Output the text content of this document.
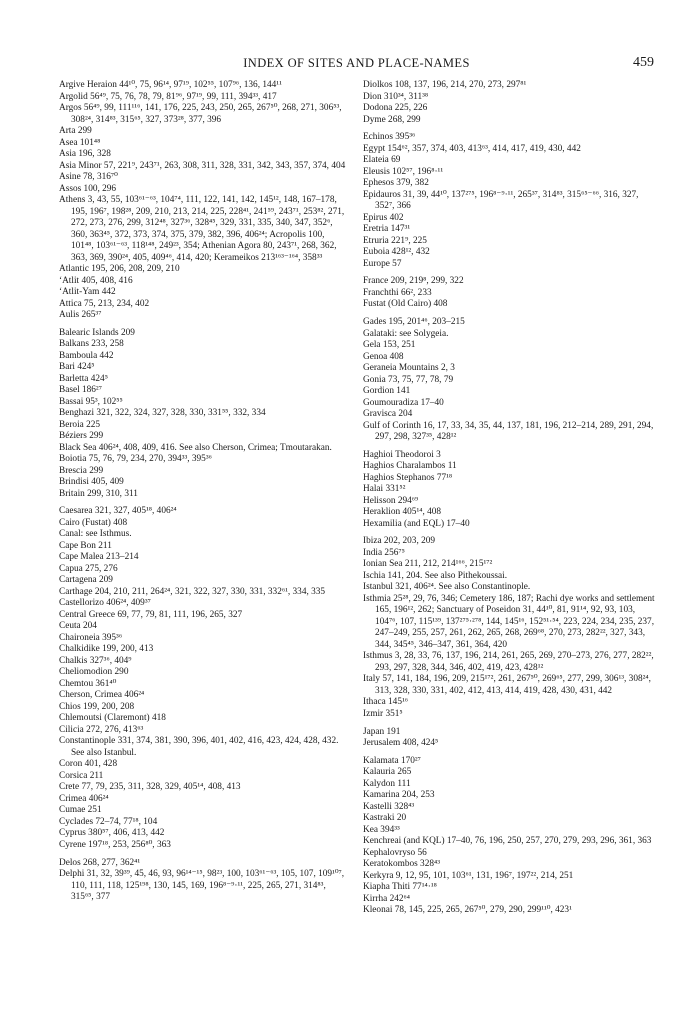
INDEX OF SITES AND PLACE-NAMES	459

Argive Heraion 44¹⁰, 75, 96¹⁴, 97¹⁹, 102⁵⁵, 107⁹⁶, 136, 144¹¹

Argolid 56⁴⁹, 75, 76, 78, 79, 81⁹⁶, 97¹⁹, 99, 111, 394³³, 417

Argos 56⁴⁹, 99, 111¹¹⁶, 141, 176, 225, 243, 250, 265, 267⁵⁰, 268, 271, 306⁵³, 308²⁴, 314⁸³, 315⁶⁵, 327, 373²⁸, 377, 396

Arta 299

Asea 101⁴⁸

Asia 196, 328

Asia Minor 57, 221⁹, 243⁷¹, 263, 308, 311, 328, 331, 342, 343, 357, 374, 404

Asine 78, 316⁷⁰

Assos 100, 296

Athens 3, 43, 55, 103⁶¹⁻⁶³, 104⁷⁴, 111, 122, 141, 142, 145¹², 148, 167–178, 195, 196⁷, 198²⁸, 209, 210, 213, 214, 225, 228⁴¹, 241⁵⁹, 243⁷¹, 253⁸², 271, 272, 273, 276, 299, 312⁴⁸, 327³⁶, 328⁴⁵, 329, 331, 335, 340, 347, 352⁶, 360, 363⁴⁵, 372, 373, 374, 375, 379, 382, 396, 406²⁴; Acropolis 100, 101⁴⁸, 103⁶¹⁻⁶³, 118¹⁴⁸, 249²³, 354; Athenian Agora 80, 243⁷¹, 268, 362, 363, 369, 390²⁴, 405, 409⁴⁶, 414, 420; Kerameikos 213¹⁶³⁻¹⁶⁴, 358³³

Atlantic 195, 206, 208, 209, 210

ʻAtlit 405, 408, 416

ʻAtlit-Yam 442

Attica 75, 213, 234, 402

Aulis 265³⁷

Balearic Islands 209

Balkans 233, 258

Bamboula 442

Bari 424⁵

Barletta 424⁵

Basel 186²⁷

Bassai 95³, 102⁵⁵

Benghazi 321, 322, 324, 327, 328, 330, 331⁵⁵, 332, 334

Beroia 225

Béziers 299

Black Sea 406²⁴, 408, 409, 416. See also Cherson, Crimea; Tmoutarakan.

Boiotia 75, 76, 79, 234, 270, 394³³, 395³⁶

Brescia 299

Brindisi 405, 409

Britain 299, 310, 311

Caesarea 321, 327, 405¹⁸, 406²⁴

Cairo (Fustat) 408

Canal: see Isthmus.

Cape Bon 211

Cape Malea 213–214

Capua 275, 276

Cartagena 209

Carthage 204, 210, 211, 264²⁴, 321, 322, 327, 330, 331, 332⁶¹, 334, 335

Castellorizo 406²⁴, 409³⁷

Central Greece 69, 77, 79, 81, 111, 196, 265, 327

Ceuta 204

Chaironeia 395³⁶

Chalkidike 199, 200, 413

Chalkis 327³⁶, 404⁹

Cheliomodion 290

Chemtou 361⁴⁰

Cherson, Crimea 406²⁴

Chios 199, 200, 208

Chlemoutsi (Claremont) 418

Cilicia 272, 276, 413⁶³

Constantinople 331, 374, 381, 390, 396, 401, 402, 416, 423, 424, 428, 432. See also Istanbul.

Coron 401, 428

Corsica 211

Crete 77, 79, 235, 311, 328, 329, 405¹⁴, 408, 413

Crimea 406²⁴

Cumae 251

Cyclades 72–74, 77¹⁸, 104

Cyprus 380⁵⁷, 406, 413, 442

Cyrene 197¹⁸, 253, 256⁸⁰, 363

Delos 268, 277, 362⁴¹

Delphi 31, 32, 39³⁹, 45, 46, 93, 96¹⁴⁻¹⁵, 98²³, 100, 103⁶¹⁻⁶³, 105, 107, 109¹⁰⁷, 110, 111, 118, 125¹⁹⁸, 130, 145, 169, 196⁸⁻⁹·¹¹, 225, 265, 271, 314⁸³, 315⁶⁵, 377

Diolkos 108, 137, 196, 214, 270, 273, 297⁸¹

Dion 310³⁴, 311³⁸

Dodona 225, 226

Dyme 268, 299

Echinos 395³⁶

Egypt 154⁶², 357, 374, 403, 413⁶³, 414, 417, 419, 430, 442

Elateia 69

Eleusis 102⁵⁷, 196⁸·¹¹

Ephesos 379, 382

Epidauros 31, 39, 44¹⁰, 137²⁷⁵, 196⁸⁻⁹·¹¹, 265³⁷, 314⁸³, 315⁶⁵⁻⁶⁶, 316, 327, 352⁷, 366

Epirus 402

Eretria 147³¹

Etruria 221⁹, 225

Euboia 428¹², 432

Europe 57

France 209, 219⁸, 299, 322

Franchthi 66², 233

Fustat (Old Cairo) 408

Gades 195, 201⁴⁶, 203–215

Galataki: see Solygeia.

Gela 153, 251

Genoa 408

Geraneia Mountains 2, 3

Gonia 73, 75, 77, 78, 79

Gordion 141

Goumouradiza 17–40

Gravisca 204

Gulf of Corinth 16, 17, 33, 34, 35, 44, 137, 181, 196, 212–214, 289, 291, 294, 297, 298, 327³⁵, 428¹²

Haghioi Theodoroi 3

Haghios Charalambos 11

Haghios Stephanos 77¹⁸

Halai 331⁵²

Helisson 294⁶⁹

Heraklion 405¹⁴, 408

Hexamilia (and EQL) 17–40

Ibiza 202, 203, 209

India 256⁷⁵

Ionian Sea 211, 212, 214¹⁶⁶, 215¹⁷²

Ischia 141, 204. See also Pithekoussai.

Istanbul 321, 406²⁴. See also Constantinople.

Isthmia 25²⁸, 29, 76, 346; Cemetery 186, 187; Rachi dye works and settlement 165, 196¹², 262; Sanctuary of Poseidon 31, 44¹⁰, 81, 91¹⁴, 92, 93, 103, 104⁷⁶, 107, 115¹³⁹, 137²⁷⁵·²⁷⁸, 144, 145¹⁶, 152⁵¹·⁵⁴, 223, 224, 234, 235, 237, 247–249, 255, 257, 261, 262, 265, 268, 269⁶⁸, 270, 273, 282²², 327, 343, 344, 345⁴⁵, 346–347, 361, 364, 420

Isthmus 3, 28, 33, 76, 137, 196, 214, 261, 265, 269, 270–273, 276, 277, 282²², 293, 297, 328, 344, 346, 402, 419, 423, 428¹²

Italy 57, 141, 184, 196, 209, 215¹⁷², 261, 267⁵⁰, 269⁶⁵, 277, 299, 306¹³, 308²⁴, 313, 328, 330, 331, 402, 412, 413, 414, 419, 428, 430, 431, 442

Ithaca 145¹⁶

Izmir 351⁵

Japan 191

Jerusalem 408, 424⁵

Kalamata 170²⁷

Kalauria 265

Kalydon 111

Kamarina 204, 253

Kastelli 328⁴³

Kastraki 20

Kea 394³³

Kenchreai (and KQL) 17–40, 76, 196, 250, 257, 270, 279, 293, 296, 361, 363

Kephalovryso 56

Keratokombos 328⁴³

Kerkyra 9, 12, 95, 101, 103⁶¹, 131, 196⁷, 197²², 214, 251

Kiapha Thiti 77¹⁴·¹⁸

Kirrha 242⁶⁴

Kleonai 78, 145, 225, 265, 267⁵⁰, 279, 290, 299¹¹⁰, 423¹
